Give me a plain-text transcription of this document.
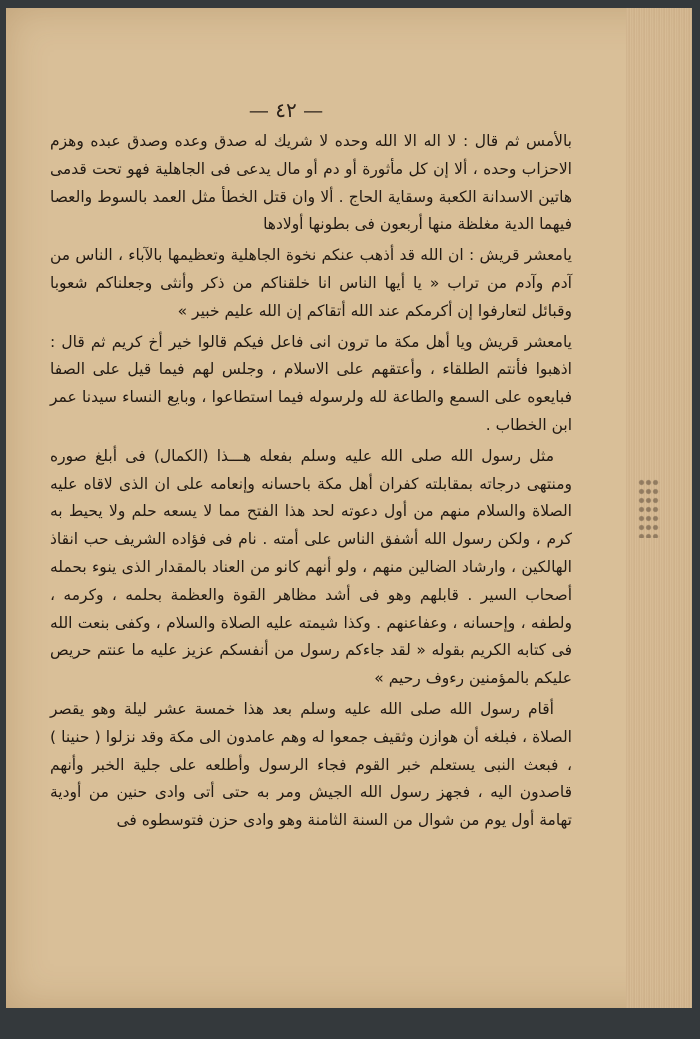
— ٤٢ —

بالأمس ثم قال : لا اله الا الله وحده لا شريك له صدق وعده وصدق عبده وهزم الاحزاب وحده ، ألا إن كل مأثورة أو دم أو مال يدعى فى الجاهلية فهو تحت قدمى هاتين الاسدانة الكعبة وسقاية الحاج . ألا وان قتل الخطأ مثل العمد بالسوط والعصا فيهما الدية مغلظة منها أربعون فى بطونها أولادها

يامعشر قريش : ان الله قد أذهب عنكم نخوة الجاهلية وتعظيمها بالآباء ، الناس من آدم وآدم من تراب « يا أيها الناس انا خلقناكم من ذكر وأنثى وجعلناكم شعوبا وقبائل لتعارفوا إن أكرمكم عند الله أتقاكم إن الله عليم خبير »

يامعشر قريش ويا أهل مكة ما ترون انى فاعل فيكم قالوا خير أخ كريم ثم قال : اذهبوا فأنتم الطلقاء ، وأعتقهم على الاسلام ، وجلس لهم فيما قيل على الصفا فبايعوه على السمع والطاعة لله ولرسوله فيما استطاعوا ، وبايع النساء سيدنا عمر ابن الخطاب .

مثل رسول الله صلى الله عليه وسلم بفعله هـــذا (الكمال) فى أبلغ صوره ومنتهى درجاته بمقابلته كفران أهل مكة باحسانه وإنعامه على ان الذى لاقاه عليه الصلاة والسلام منهم من أول دعوته لحد هذا الفتح مما لا يسعه حلم ولا يحيط به كرم ، ولكن رسول الله أشفق الناس على أمته . نام فى فؤاده الشريف حب انقاذ الهالكين ، وارشاد الضالين منهم ، ولو أنهم كانو من العناد بالمقدار الذى ينوء بحمله أصحاب السير . قابلهم وهو فى أشد مظاهر القوة والعظمة بحلمه ، وكرمه ، ولطفه ، وإحسانه ، وعفاعنهم . وكذا شيمته عليه الصلاة والسلام ، وكفى بنعت الله فى كتابه الكريم بقوله « لقد جاءكم رسول من أنفسكم عزيز عليه ما عنتم حريص عليكم بالمؤمنين رءوف رحيم »

أقام رسول الله صلى الله عليه وسلم بعد هذا خمسة عشر ليلة وهو يقصر الصلاة ، فبلغه أن هوازن وثقيف جمعوا له وهم عامدون الى مكة وقد نزلوا ( حنينا ) ، فبعث النبى يستعلم خبر القوم فجاء الرسول وأطلعه على جلية الخبر وأنهم قاصدون اليه ، فجهز رسول الله الجيش ومر به حتى أتى وادى حنين من أودية تهامة أول يوم من شوال من السنة الثامنة وهو وادى حزن فتوسطوه فى
